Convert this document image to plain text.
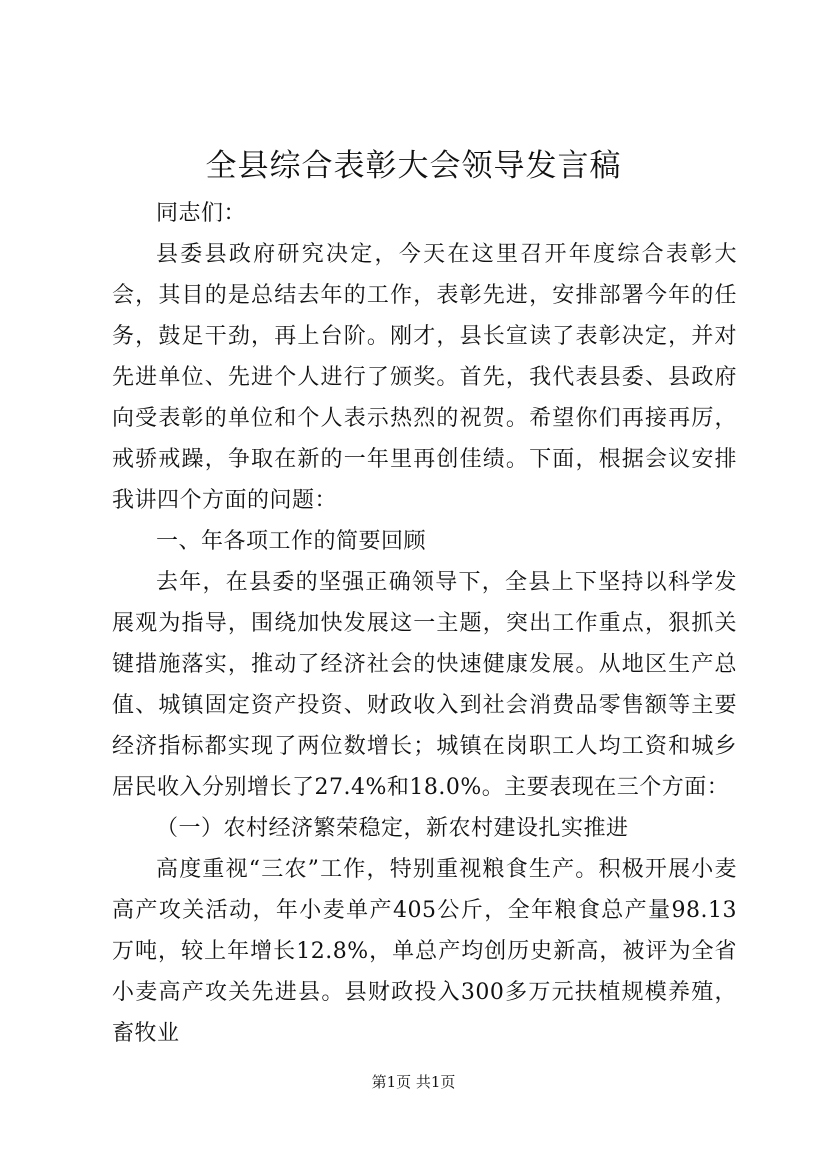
全县综合表彰大会领导发言稿

同志们：

县委县政府研究决定，今天在这里召开年度综合表彰大会，其目的是总结去年的工作，表彰先进，安排部署今年的任务，鼓足干劲，再上台阶。刚才，县长宣读了表彰决定，并对先进单位、先进个人进行了颁奖。首先，我代表县委、县政府向受表彰的单位和个人表示热烈的祝贺。希望你们再接再厉，戒骄戒躁，争取在新的一年里再创佳绩。下面，根据会议安排我讲四个方面的问题：

一、年各项工作的简要回顾

去年，在县委的坚强正确领导下，全县上下坚持以科学发展观为指导，围绕加快发展这一主题，突出工作重点，狠抓关键措施落实，推动了经济社会的快速健康发展。从地区生产总值、城镇固定资产投资、财政收入到社会消费品零售额等主要经济指标都实现了两位数增长；城镇在岗职工人均工资和城乡居民收入分别增长了27.4%和18.0%。主要表现在三个方面：

（一）农村经济繁荣稳定，新农村建设扎实推进

高度重视“三农”工作，特别重视粮食生产。积极开展小麦高产攻关活动，年小麦单产405公斤，全年粮食总产量98.13万吨，较上年增长12.8%，单总产均创历史新高，被评为全省小麦高产攻关先进县。县财政投入300多万元扶植规模养殖，畜牧业

第1页 共1页
